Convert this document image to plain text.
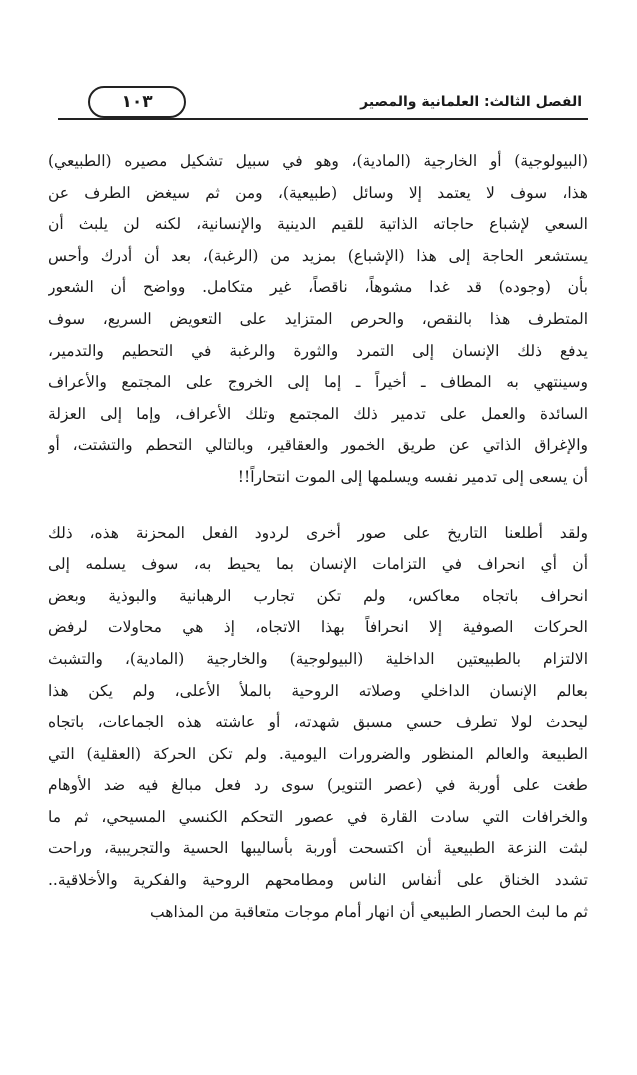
الفصل الثالث: العلمانية والمصير
١٠٣
(البيولوجية) أو الخارجية (المادية)، وهو في سبيل تشكيل مصيره (الطبيعي)
هذا، سوف لا يعتمد إلا وسائل (طبيعية)، ومن ثم سيغض الطرف عن
السعي لإشباع حاجاته الذاتية للقيم الدينية والإنسانية، لكنه لن يلبث أن
يستشعر الحاجة إلى هذا (الإشباع) بمزيد من (الرغبة)، بعد أن أدرك وأحس
بأن (وجوده) قد غدا مشوهاً، ناقصاً، غير متكامل. وواضح أن الشعور
المتطرف هذا بالنقص، والحرص المتزايد على التعويض السريع، سوف
يدفع ذلك الإنسان إلى التمرد والثورة والرغبة في التحطيم والتدمير،
وسينتهي به المطاف ـ أخيراً ـ إما إلى الخروج على المجتمع والأعراف
السائدة والعمل على تدمير ذلك المجتمع وتلك الأعراف، وإما إلى العزلة
والإغراق الذاتي عن طريق الخمور والعقاقير، وبالتالي التحطم والتشتت، أو
أن يسعى إلى تدمير نفسه ويسلمها إلى الموت انتحاراً!!
ولقد أطلعنا التاريخ على صور أخرى لردود الفعل المحزنة هذه، ذلك
أن أي انحراف في التزامات الإنسان بما يحيط به، سوف يسلمه إلى
انحراف باتجاه معاكس، ولم تكن تجارب الرهبانية والبوذية وبعض
الحركات الصوفية إلا انحرافاً بهذا الاتجاه، إذ هي محاولات لرفض
الالتزام بالطبيعتين الداخلية (البيولوجية) والخارجية (المادية)، والتشبث
بعالم الإنسان الداخلي وصلاته الروحية بالملأ الأعلى، ولم يكن هذا
ليحدث لولا تطرف حسي مسبق شهدته، أو عاشته هذه الجماعات، باتجاه
الطبيعة والعالم المنظور والضرورات اليومية. ولم تكن الحركة (العقلية) التي
طغت على أوربة في (عصر التنوير) سوى رد فعل مبالغ فيه ضد الأوهام
والخرافات التي سادت القارة في عصور التحكم الكنسي المسيحي، ثم ما
لبثت النزعة الطبيعية أن اكتسحت أوربة بأساليبها الحسية والتجريبية، وراحت
تشدد الخناق على أنفاس الناس ومطامحهم الروحية والفكرية والأخلاقية..
ثم ما لبث الحصار الطبيعي أن انهار أمام موجات متعاقبة من المذاهب
